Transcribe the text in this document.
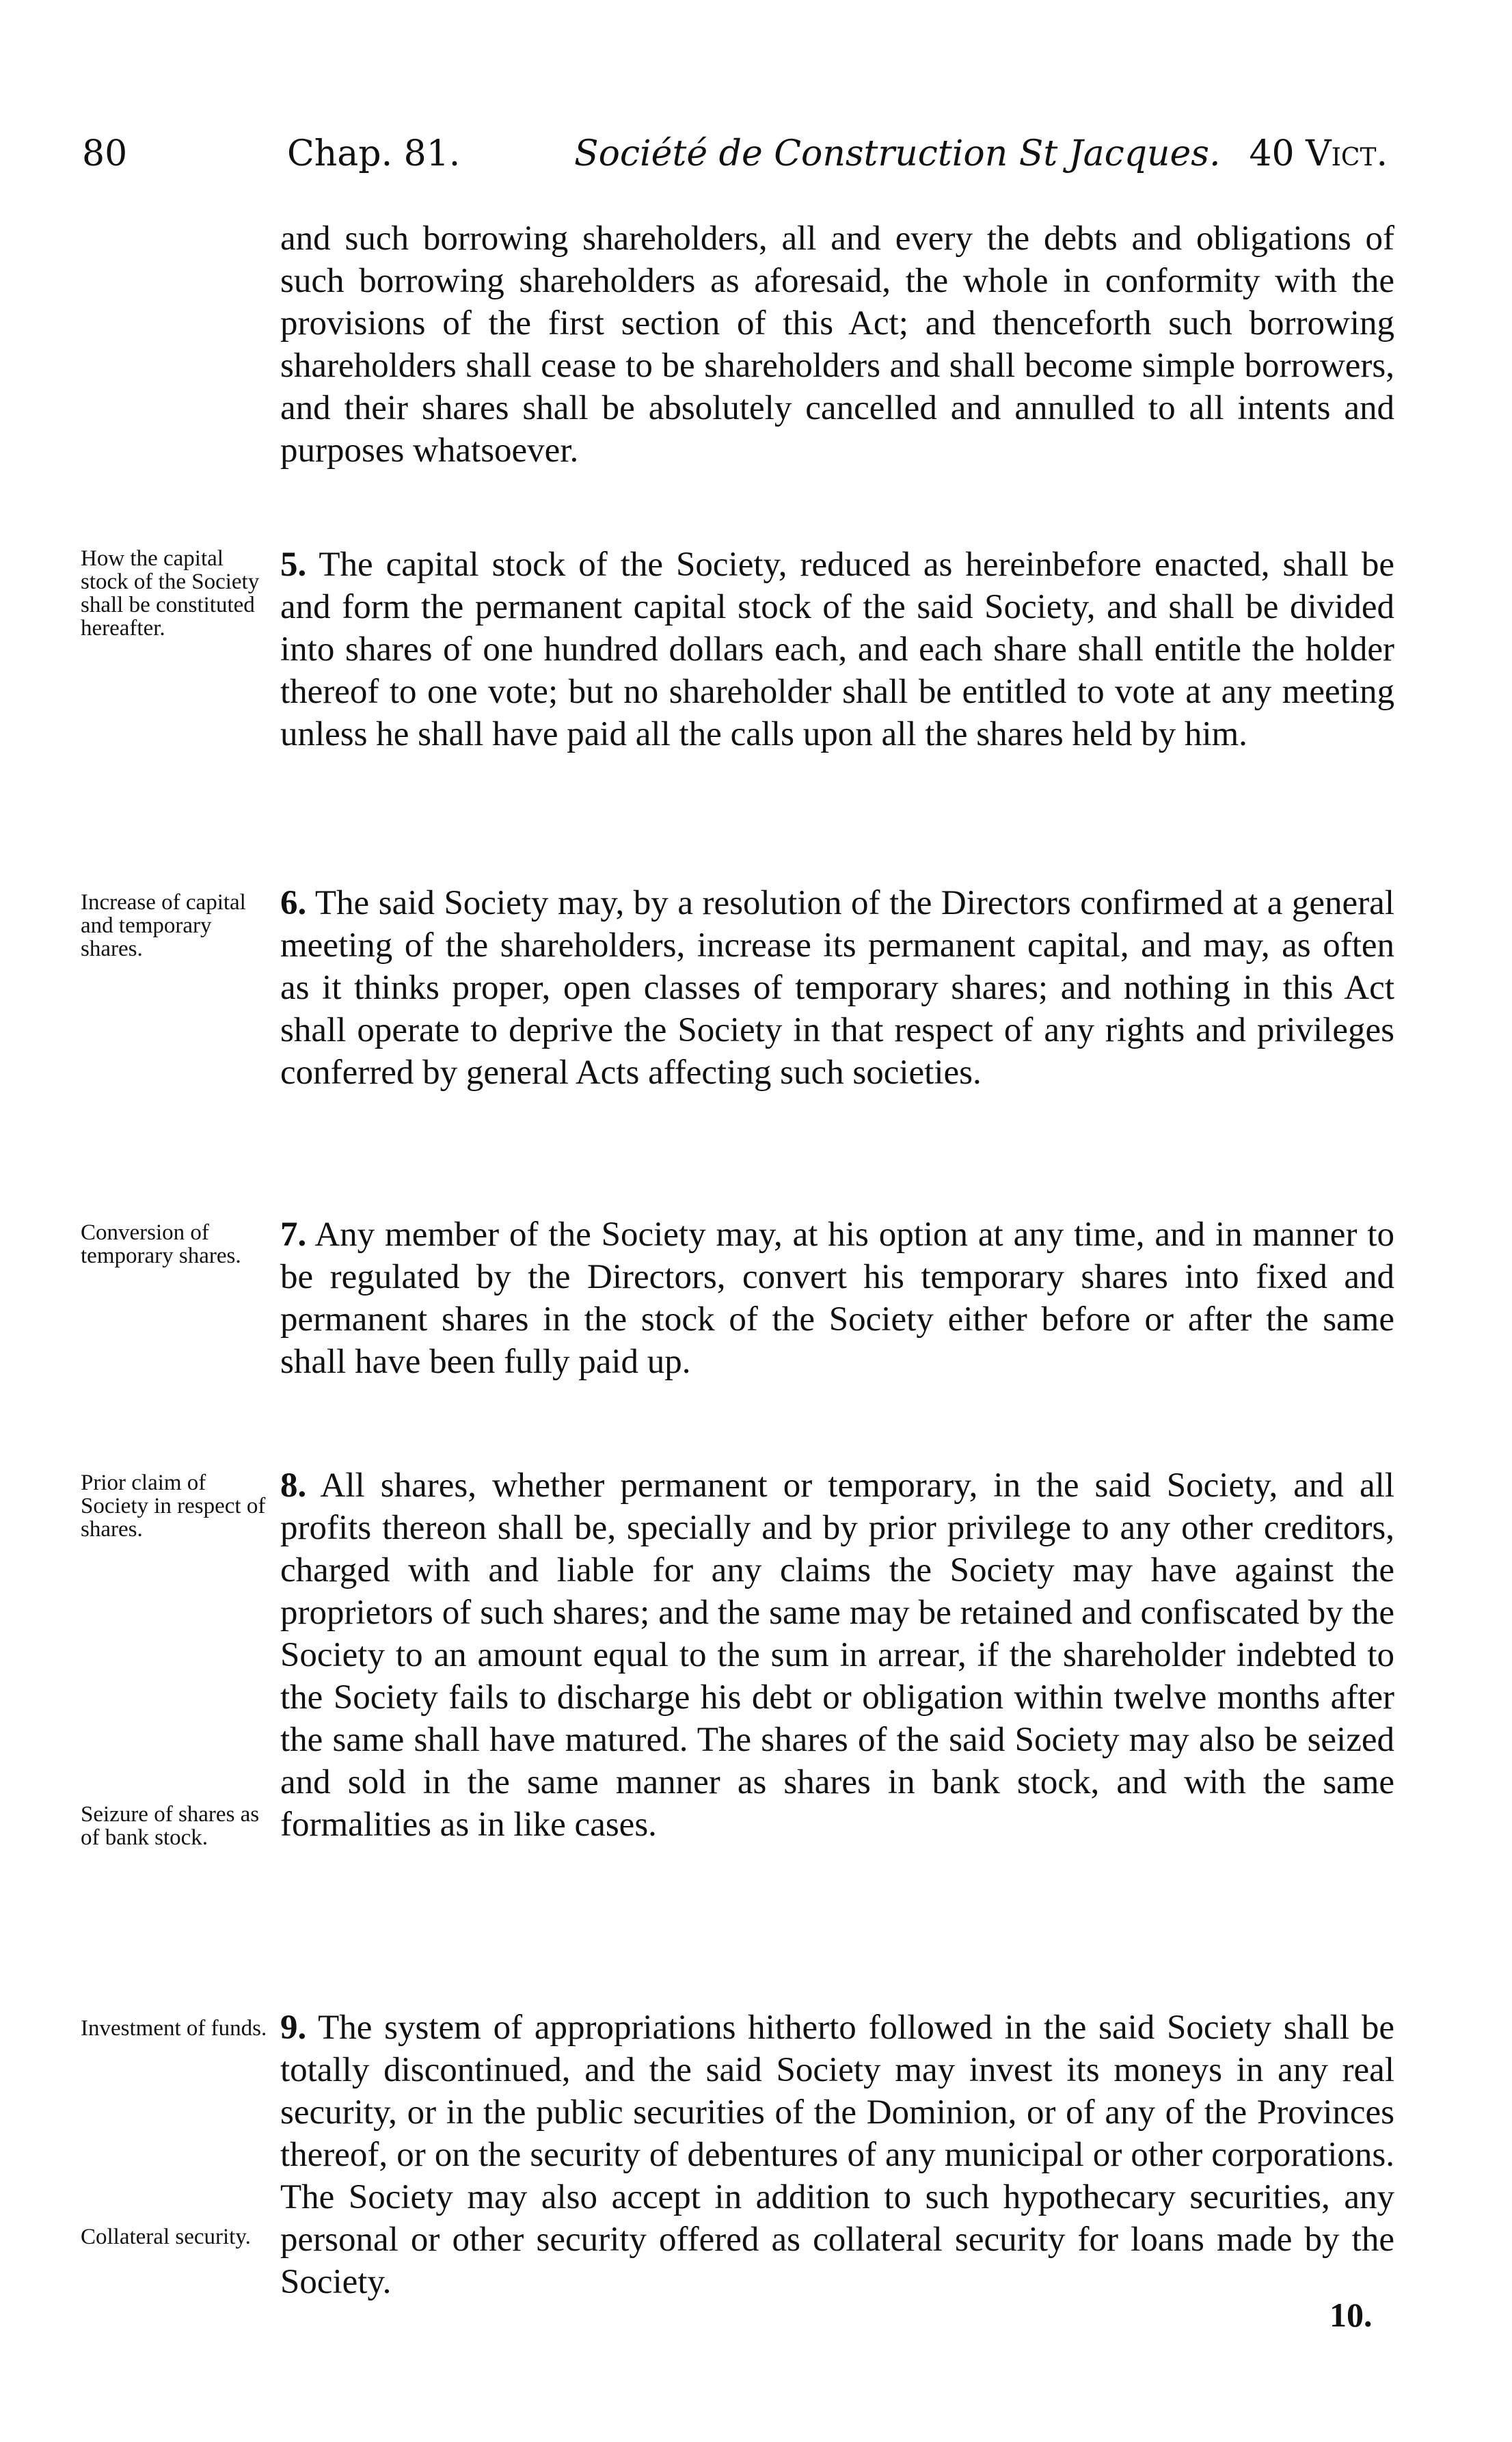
80	Chap. 81.	Société de Construction St Jacques. 40 Vict.

and such borrowing shareholders, all and every the debts and obligations of such borrowing shareholders as aforesaid, the whole in conformity with the provisions of the first section of this Act; and thenceforth such borrowing shareholders shall cease to be shareholders and shall become simple borrowers, and their shares shall be absolutely cancelled and annulled to all intents and purposes whatsoever.

5. The capital stock of the Society, reduced as hereinbefore enacted, shall be and form the permanent capital stock of the said Society, and shall be divided into shares of one hundred dollars each, and each share shall entitle the holder thereof to one vote; but no shareholder shall be entitled to vote at any meeting unless he shall have paid all the calls upon all the shares held by him.

6. The said Society may, by a resolution of the Directors confirmed at a general meeting of the shareholders, increase its permanent capital, and may, as often as it thinks proper, open classes of temporary shares; and nothing in this Act shall operate to deprive the Society in that respect of any rights and privileges conferred by general Acts affecting such societies.

7. Any member of the Society may, at his option at any time, and in manner to be regulated by the Directors, convert his temporary shares into fixed and permanent shares in the stock of the Society either before or after the same shall have been fully paid up.

8. All shares, whether permanent or temporary, in the said Society, and all profits thereon shall be, specially and by prior privilege to any other creditors, charged with and liable for any claims the Society may have against the proprietors of such shares; and the same may be retained and confiscated by the Society to an amount equal to the sum in arrear, if the shareholder indebted to the Society fails to discharge his debt or obligation within twelve months after the same shall have matured. The shares of the said Society may also be seized and sold in the same manner as shares in bank stock, and with the same formalities as in like cases.

9. The system of appropriations hitherto followed in the said Society shall be totally discontinued, and the said Society may invest its moneys in any real security, or in the public securities of the Dominion, or of any of the Provinces thereof, or on the security of debentures of any municipal or other corporations. The Society may also accept in addition to such hypothecary securities, any personal or other security offered as collateral security for loans made by the Society.

How the capital stock of the Society shall be constituted hereafter.
Increase of capital and temporary shares.
Conversion of temporary shares.
Prior claim of Society in respect of shares.
Seizure of shares as of bank stock.
Investment of funds.
Collateral security.
10.
